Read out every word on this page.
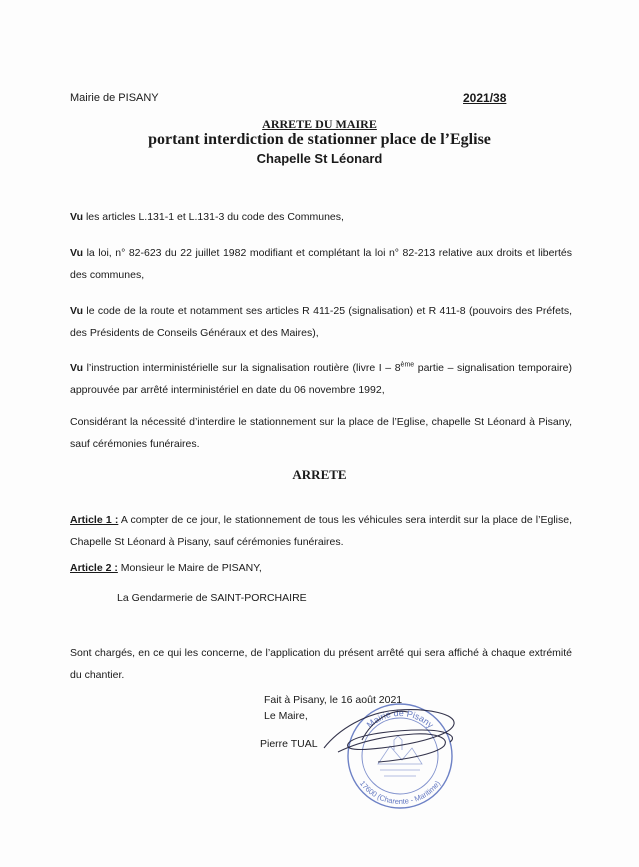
Mairie de PISANY	2021/38
ARRETE DU MAIRE
portant interdiction de stationner place de l’Eglise
Chapelle St Léonard
Vu les articles L.131-1 et L.131-3 du code des Communes,
Vu la loi, n° 82-623 du 22 juillet 1982 modifiant et complétant la loi n° 82-213 relative aux droits et libertés des communes,
Vu le code de la route et notamment ses articles R 411-25 (signalisation) et R 411-8 (pouvoirs des Préfets, des Présidents de Conseils Généraux et des Maires),
Vu l’instruction interministérielle sur la signalisation routière (livre I – 8ème partie – signalisation temporaire) approuvée par arrêté interministériel en date du 06 novembre 1992,
Considérant la nécessité d’interdire le stationnement sur la place de l’Eglise, chapelle St Léonard à Pisany, sauf cérémonies funéraires.
ARRETE
Article 1 : A compter de ce jour, le stationnement de tous les véhicules sera interdit sur la place de l’Eglise, Chapelle St Léonard à Pisany, sauf cérémonies funéraires.
Article 2 : Monsieur le Maire de PISANY,
La Gendarmerie de SAINT-PORCHAIRE
Sont chargés, en ce qui les concerne, de l’application du présent arrêté qui sera affiché à chaque extrémité du chantier.
Fait à Pisany, le 16 août 2021
Le Maire,
Pierre TUAL
Mairie de Pisany
17600 (Charente - Maritime)
